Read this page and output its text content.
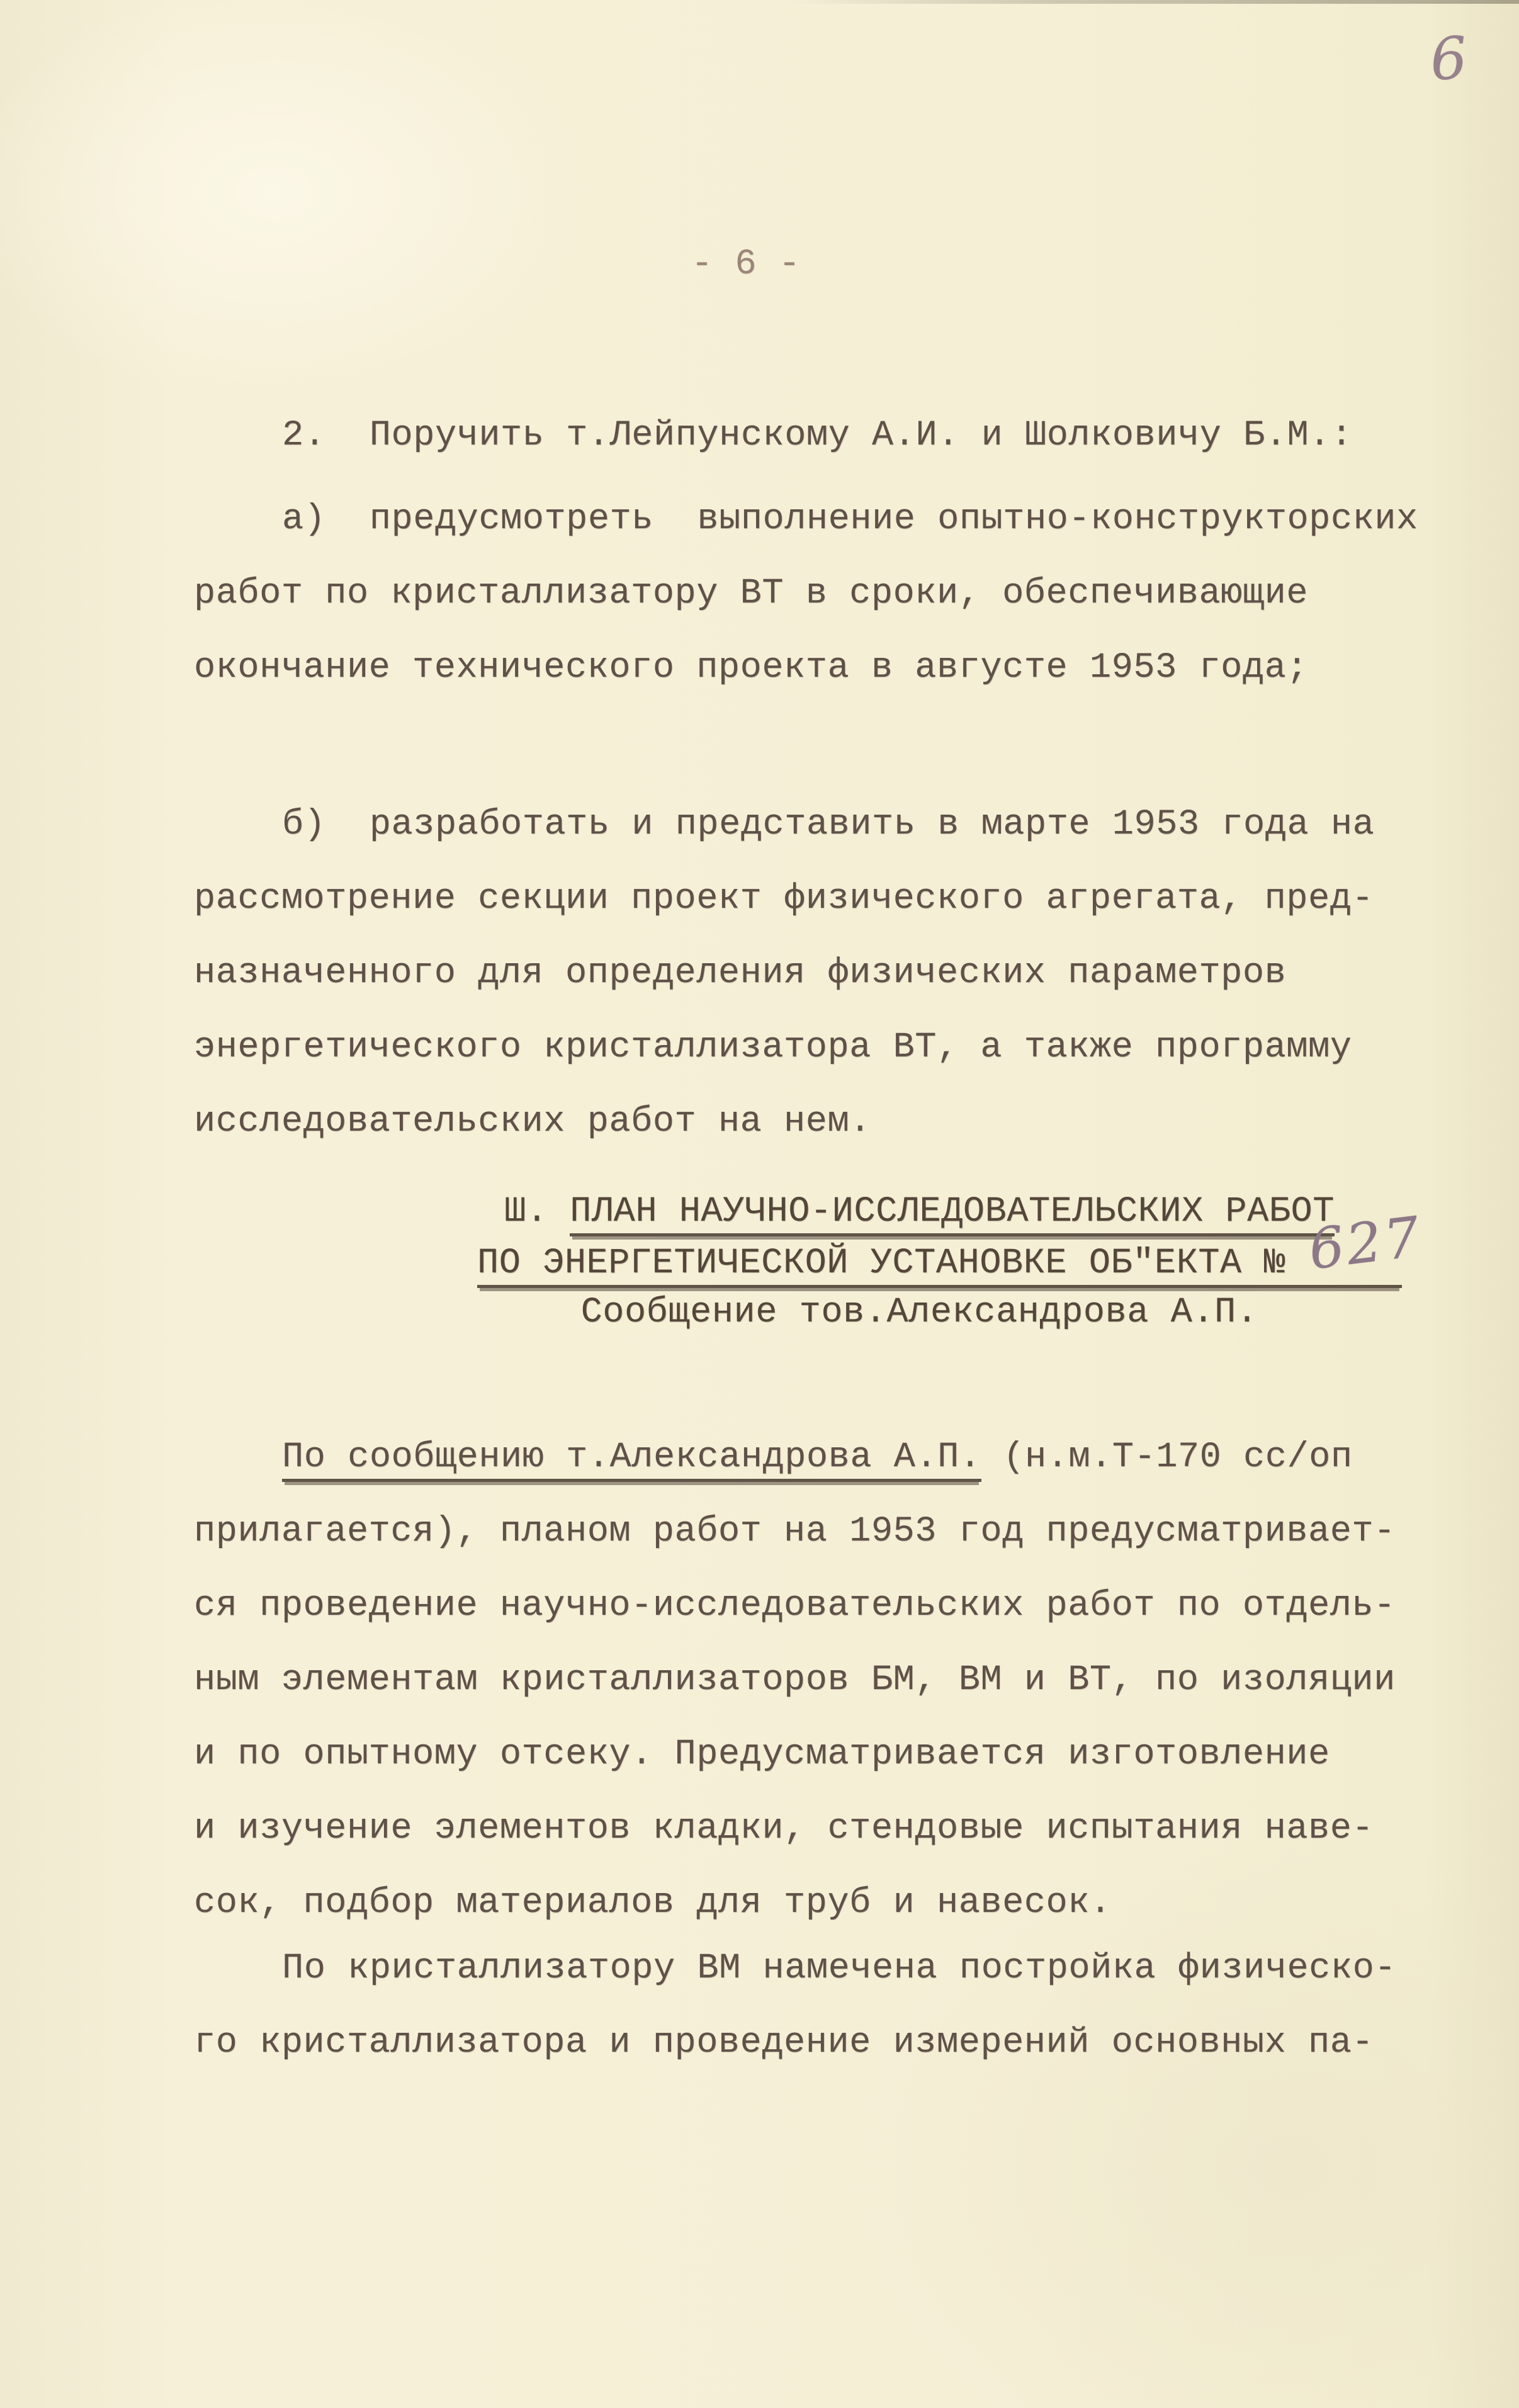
6
- 6 -
2.  Поручить т.Лейпунскому А.И. и Шолковичу Б.М.:
а)  предусмотреть  выполнение опытно-конструкторских
работ по кристаллизатору ВТ в сроки, обеспечивающие
окончание технического проекта в августе 1953 года;
б)  разработать и представить в марте 1953 года на
рассмотрение секции проект физического агрегата, пред-
назначенного для определения физических параметров
энергетического кристаллизатора ВТ, а также программу
исследовательских работ на нем.
Ш. ПЛАН НАУЧНО-ИССЛЕДОВАТЕЛЬСКИХ РАБОТ
ПО ЭНЕРГЕТИЧЕСКОЙ УСТАНОВКЕ ОБ"ЕКТА №
627
Сообщение тов.Александрова А.П.
По сообщению т.Александрова А.П. (н.м.Т-170 сс/оп
прилагается), планом работ на 1953 год предусматривает-
ся проведение научно-исследовательских работ по отдель-
ным элементам кристаллизаторов БМ, ВМ и ВТ, по изоляции
и по опытному отсеку. Предусматривается изготовление
и изучение элементов кладки, стендовые испытания наве-
сок, подбор материалов для труб и навесок.
По кристаллизатору ВМ намечена постройка физическо-
го кристаллизатора и проведение измерений основных па-
